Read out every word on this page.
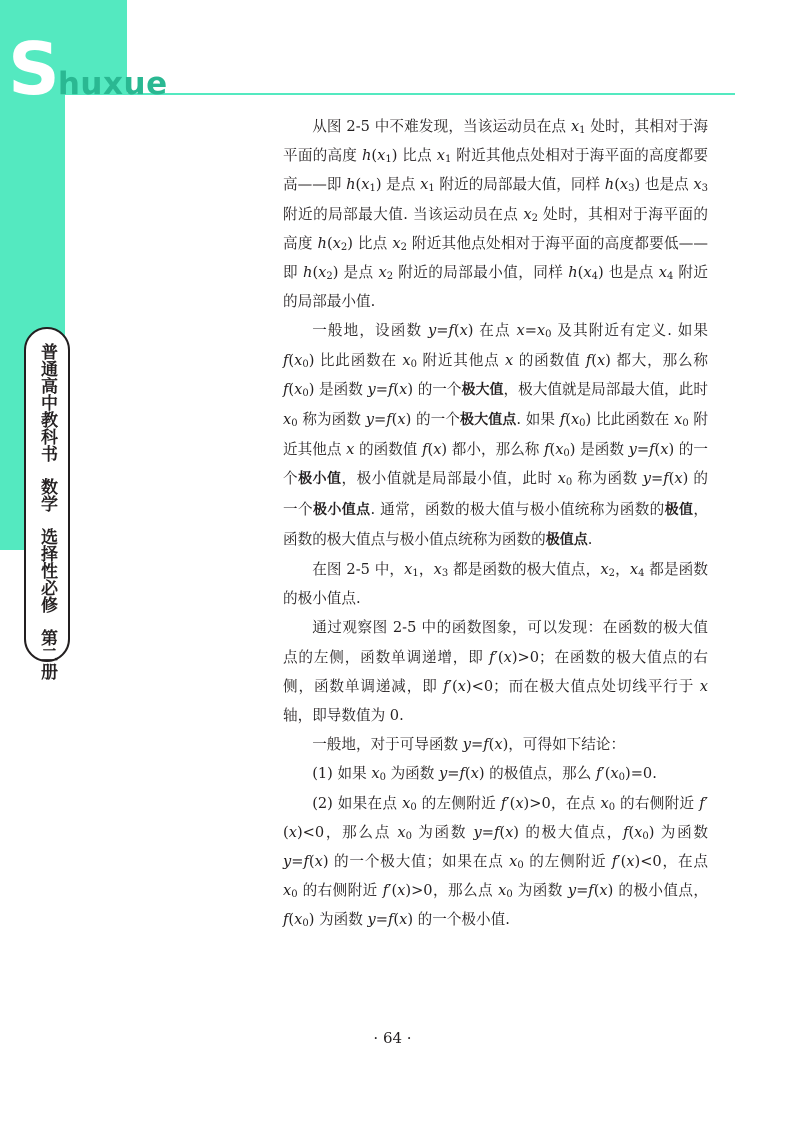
Shuxue
普通高中教科书
数学
选择性必修
第二册

从图 2-5 中不难发现，当该运动员在点 $x_1$ 处时，其相对于海平面的高度 $h(x_1)$ 比点 $x_1$ 附近其他点处相对于海平面的高度都要高——即 $h(x_1)$ 是点 $x_1$ 附近的局部最大值，同样 $h(x_3)$ 也是点 $x_3$ 附近的局部最大值. 当该运动员在点 $x_2$ 处时，其相对于海平面的高度 $h(x_2)$ 比点 $x_2$ 附近其他点处相对于海平面的高度都要低——即 $h(x_2)$ 是点 $x_2$ 附近的局部最小值，同样 $h(x_4)$ 也是点 $x_4$ 附近的局部最小值.

一般地，设函数 y=f(x) 在点 $x=x_0$ 及其附近有定义. 如果 $f(x_0)$ 比此函数在 $x_0$ 附近其他点 x 的函数值 f(x) 都大，那么称 $f(x_0)$ 是函数 y=f(x) 的一个极大值，极大值就是局部最大值，此时 $x_0$ 称为函数 y=f(x) 的一个极大值点. 如果 $f(x_0)$ 比此函数在 $x_0$ 附近其他点 x 的函数值 f(x) 都小，那么称 $f(x_0)$ 是函数 y=f(x) 的一个极小值，极小值就是局部最小值，此时 $x_0$ 称为函数 y=f(x) 的一个极小值点. 通常，函数的极大值与极小值统称为函数的极值，函数的极大值点与极小值点统称为函数的极值点.

在图 2-5 中，$x_1$，$x_3$ 都是函数的极大值点，$x_2$，$x_4$ 都是函数的极小值点.

通过观察图 2-5 中的函数图象，可以发现：在函数的极大值点的左侧，函数单调递增，即 f′(x)>0；在函数的极大值点的右侧，函数单调递减，即 f′(x)<0；而在极大值点处切线平行于 x 轴，即导数值为 0.

一般地，对于可导函数 y=f(x)，可得如下结论：

(1) 如果 $x_0$ 为函数 y=f(x) 的极值点，那么 $f'(x_0)=0$.

(2) 如果在点 $x_0$ 的左侧附近 f′(x)>0，在点 $x_0$ 的右侧附近 f′(x)<0，那么点 $x_0$ 为函数 y=f(x) 的极大值点，$f(x_0)$ 为函数 y=f(x) 的一个极大值；如果在点 $x_0$ 的左侧附近 f′(x)<0，在点 $x_0$ 的右侧附近 f′(x)>0，那么点 $x_0$ 为函数 y=f(x) 的极小值点，$f(x_0)$ 为函数 y=f(x) 的一个极小值.

· 64 ·
